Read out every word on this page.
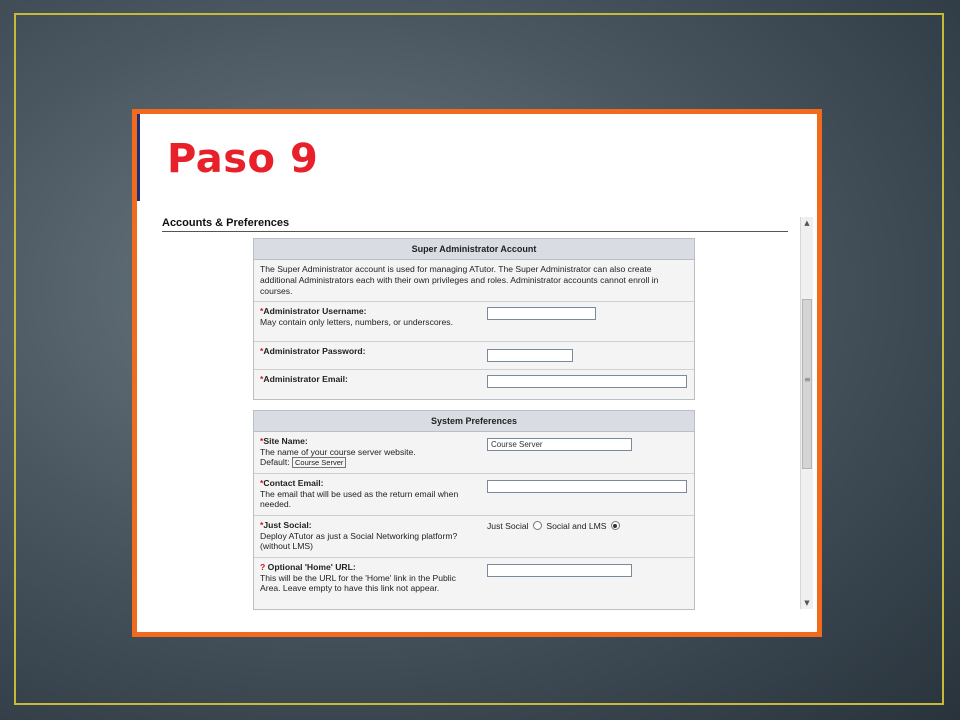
Paso 9
Accounts & Preferences
Super Administrator Account
The Super Administrator account is used for managing ATutor. The Super Administrator can also create additional Administrators each with their own privileges and roles. Administrator accounts cannot enroll in courses.
*Administrator Username:
May contain only letters, numbers, or underscores.
*Administrator Password:
*Administrator Email:
System Preferences
*Site Name:
The name of your course server website.
Default: Course Server
Course Server
*Contact Email:
The email that will be used as the return email when needed.
*Just Social:
Deploy ATutor as just a Social Networking platform? (without LMS)
Just Social Social and LMS
? Optional 'Home' URL:
This will be the URL for the 'Home' link in the Public Area. Leave empty to have this link not appear.
▲
≡
▼
